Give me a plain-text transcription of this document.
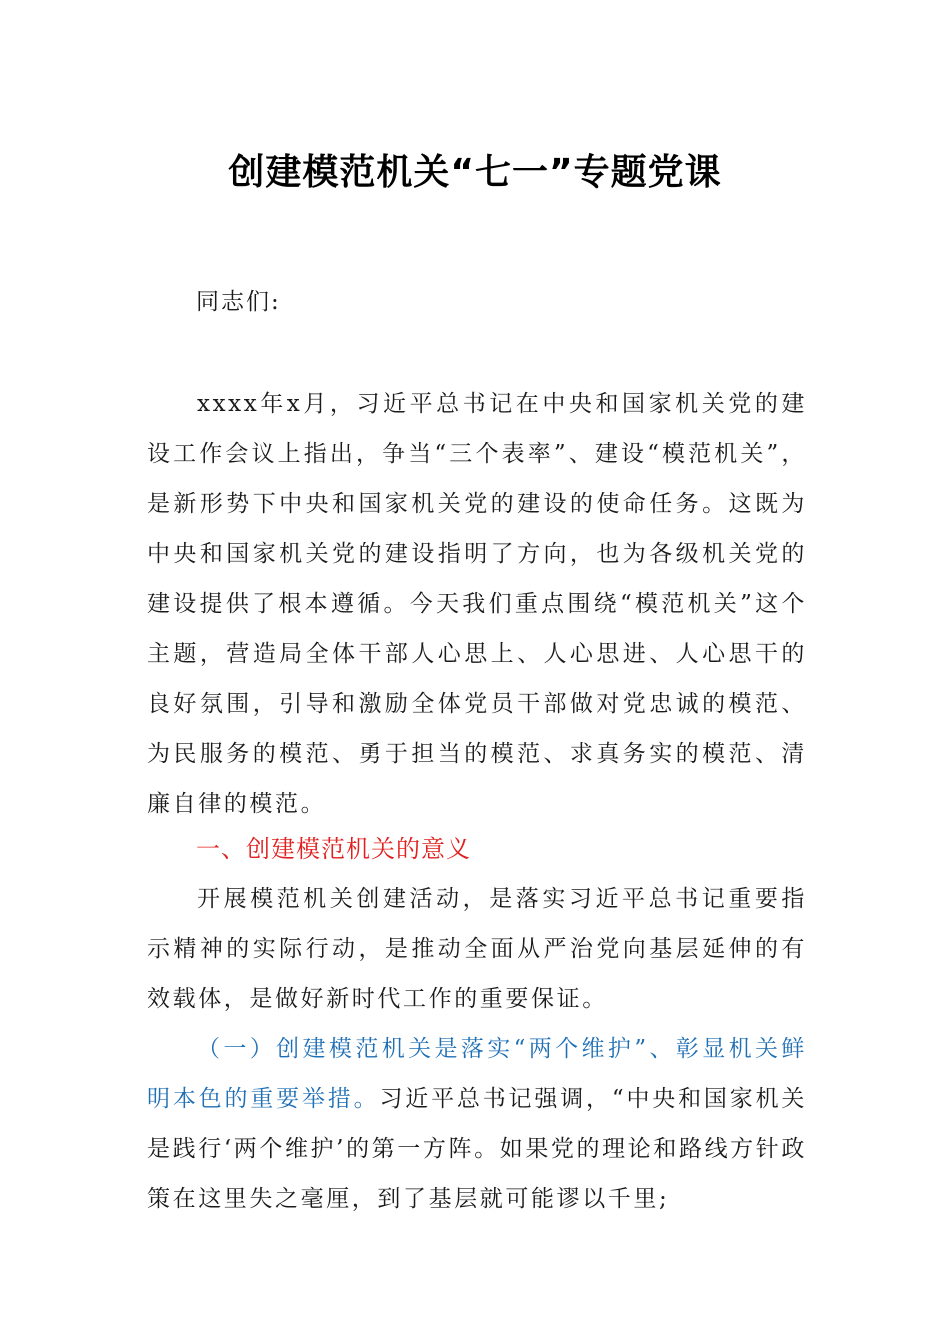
创建模范机关“七一”专题党课
同志们:

xxxx年x月，习近平总书记在中央和国家机关党的建设工作会议上指出，争当“三个表率”、建设“模范机关”，是新形势下中央和国家机关党的建设的使命任务。这既为中央和国家机关党的建设指明了方向，也为各级机关党的建设提供了根本遵循。今天我们重点围绕“模范机关”这个主题，营造局全体干部人心思上、人心思进、人心思干的良好氛围，引导和激励全体党员干部做对党忠诚的模范、为民服务的模范、勇于担当的模范、求真务实的模范、清廉自律的模范。

一、创建模范机关的意义

开展模范机关创建活动，是落实习近平总书记重要指示精神的实际行动，是推动全面从严治党向基层延伸的有效载体，是做好新时代工作的重要保证。

（一）创建模范机关是落实“两个维护”、彰显机关鲜明本色的重要举措。习近平总书记强调，“中央和国家机关是践行‘两个维护’的第一方阵。如果党的理论和路线方针政策在这里失之毫厘，到了基层就可能谬以千里;
